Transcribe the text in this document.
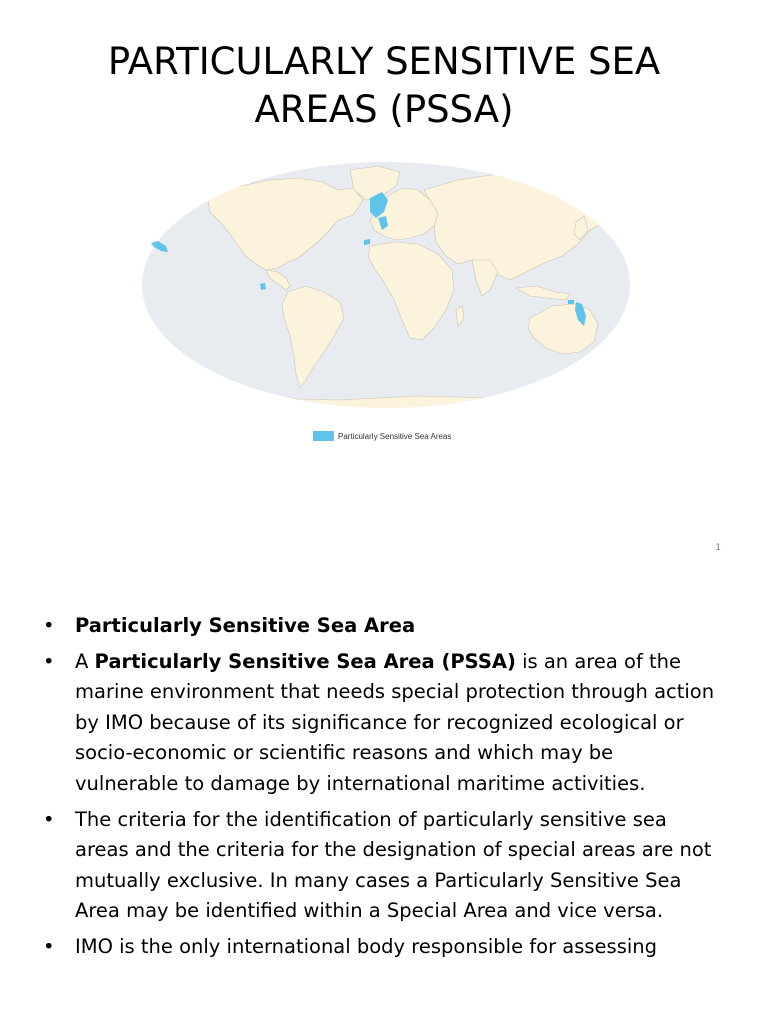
PARTICULARLY SENSITIVE SEA AREAS (PSSA)
Particularly Sensitive Sea Areas
1
• Particularly Sensitive Sea Area
• A Particularly Sensitive Sea Area (PSSA) is an area of the marine environment that needs special protection through action by IMO because of its significance for recognized ecological or socio-economic or scientific reasons and which may be vulnerable to damage by international maritime activities.
• The criteria for the identification of particularly sensitive sea areas and the criteria for the designation of special areas are not mutually exclusive. In many cases a Particularly Sensitive Sea Area may be identified within a Special Area and vice versa.
• IMO is the only international body responsible for assessing
